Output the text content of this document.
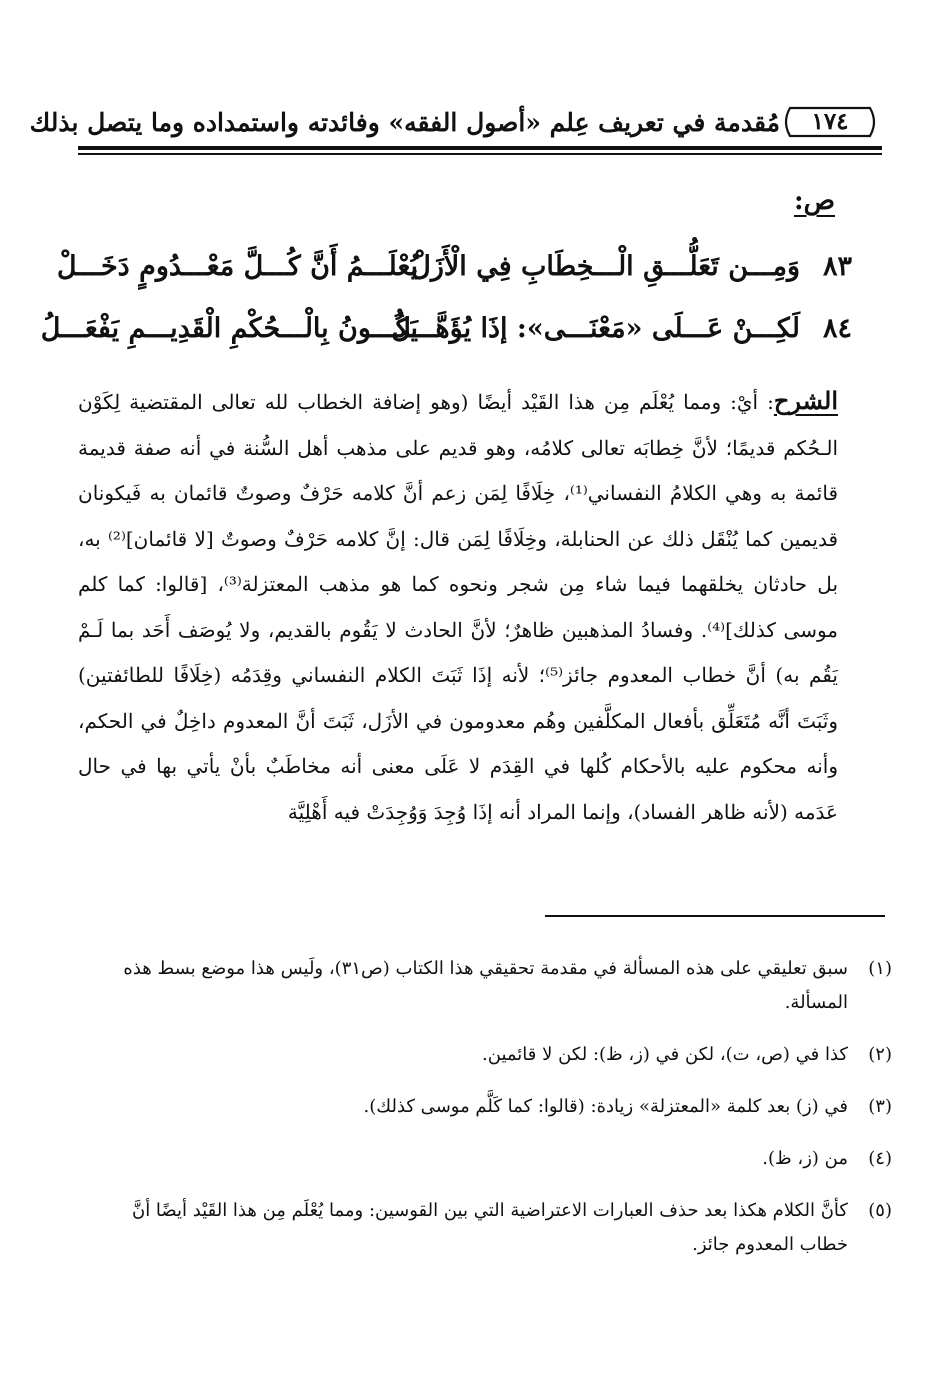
١٧٤
مُقدمة في تعريف عِلم «أصول الفقه» وفائدته واستمداده وما يتصل بذلك
ص:
٨٣
وَمِـــن تَعَلُّـــقِ الْـــخِطَابِ فِي الْأَزَلْ
يُعْلَـــمُ أَنَّ كُـــلَّ مَعْـــدُومٍ دَخَـــلْ
٨٤
لَكِـــنْ عَـــلَى «مَعْنَـــى»: إذَا يُؤَهَّـــلُ
يَكُـــونُ بِالْـــحُكْمِ الْقَدِيـــمِ يَفْعَـــلُ
الشرح: أيْ: ومما يُعْلَم مِن هذا القَيْد أيضًا (وهو إضافة الخطاب لله تعالى المقتضية لِكَوْن الـحُكم قديمًا؛ لأنَّ خِطابَه تعالى كلامُه، وهو قديم على مذهب أهل السُّنة في أنه صفة قديمة قائمة به وهي الكلامُ النفساني⁽¹⁾، خِلَافًا لِمَن زعم أنَّ كلامه حَرْفٌ وصوتٌ قائمان به فَيكونان قديمين كما يُنْقَل ذلك عن الحنابلة، وخِلَافًا لِمَن قال: إنَّ كلامه حَرْفٌ وصوتٌ [لا قائمان]⁽²⁾ به، بل حادثان يخلقهما فيما شاء مِن شجر ونحوه كما هو مذهب المعتزلة⁽³⁾، [قالوا: كما كلم موسى كذلك]⁽⁴⁾. وفسادُ المذهبين ظاهرٌ؛ لأنَّ الحادث لا يَقُوم بالقديم، ولا يُوصَف أَحَد بما لَـمْ يَقُم به) أنَّ خطاب المعدوم جائز⁽⁵⁾؛ لأنه إذَا ثَبَتَ الكلام النفساني وقِدَمُه (خِلَافًا للطائفتين) وثَبَتَ أنَّه مُتَعَلِّق بأفعال المكلَّفين وهُم معدومون في الأزَل، ثَبَتَ أنَّ المعدوم داخِلٌ في الحكم، وأنه محكوم عليه بالأحكام كُلها في القِدَم لا عَلَى معنى أنه مخاطَبٌ بأنْ يأتي بها في حال عَدَمه (لأنه ظاهر الفساد)، وإنما المراد أنه إذَا وُجِدَ وَوُجِدَتْ فيه أَهْلِيَّة
(١)
سبق تعليقي على هذه المسألة في مقدمة تحقيقي هذا الكتاب (ص٣١)، ولَيس هذا موضع بسط هذه المسألة.
(٢)
كذا في (ص، ت)، لكن في (ز، ظ): لكن لا قائمين.
(٣)
في (ز) بعد كلمة «المعتزلة» زيادة: (قالوا: كما كَلَّم موسى كذلك).
(٤)
من (ز، ظ).
(٥)
كأنَّ الكلام هكذا بعد حذف العبارات الاعتراضية التي بين القوسين: ومما يُعْلَم مِن هذا القَيْد أيضًا أنَّ خطاب المعدوم جائز.
